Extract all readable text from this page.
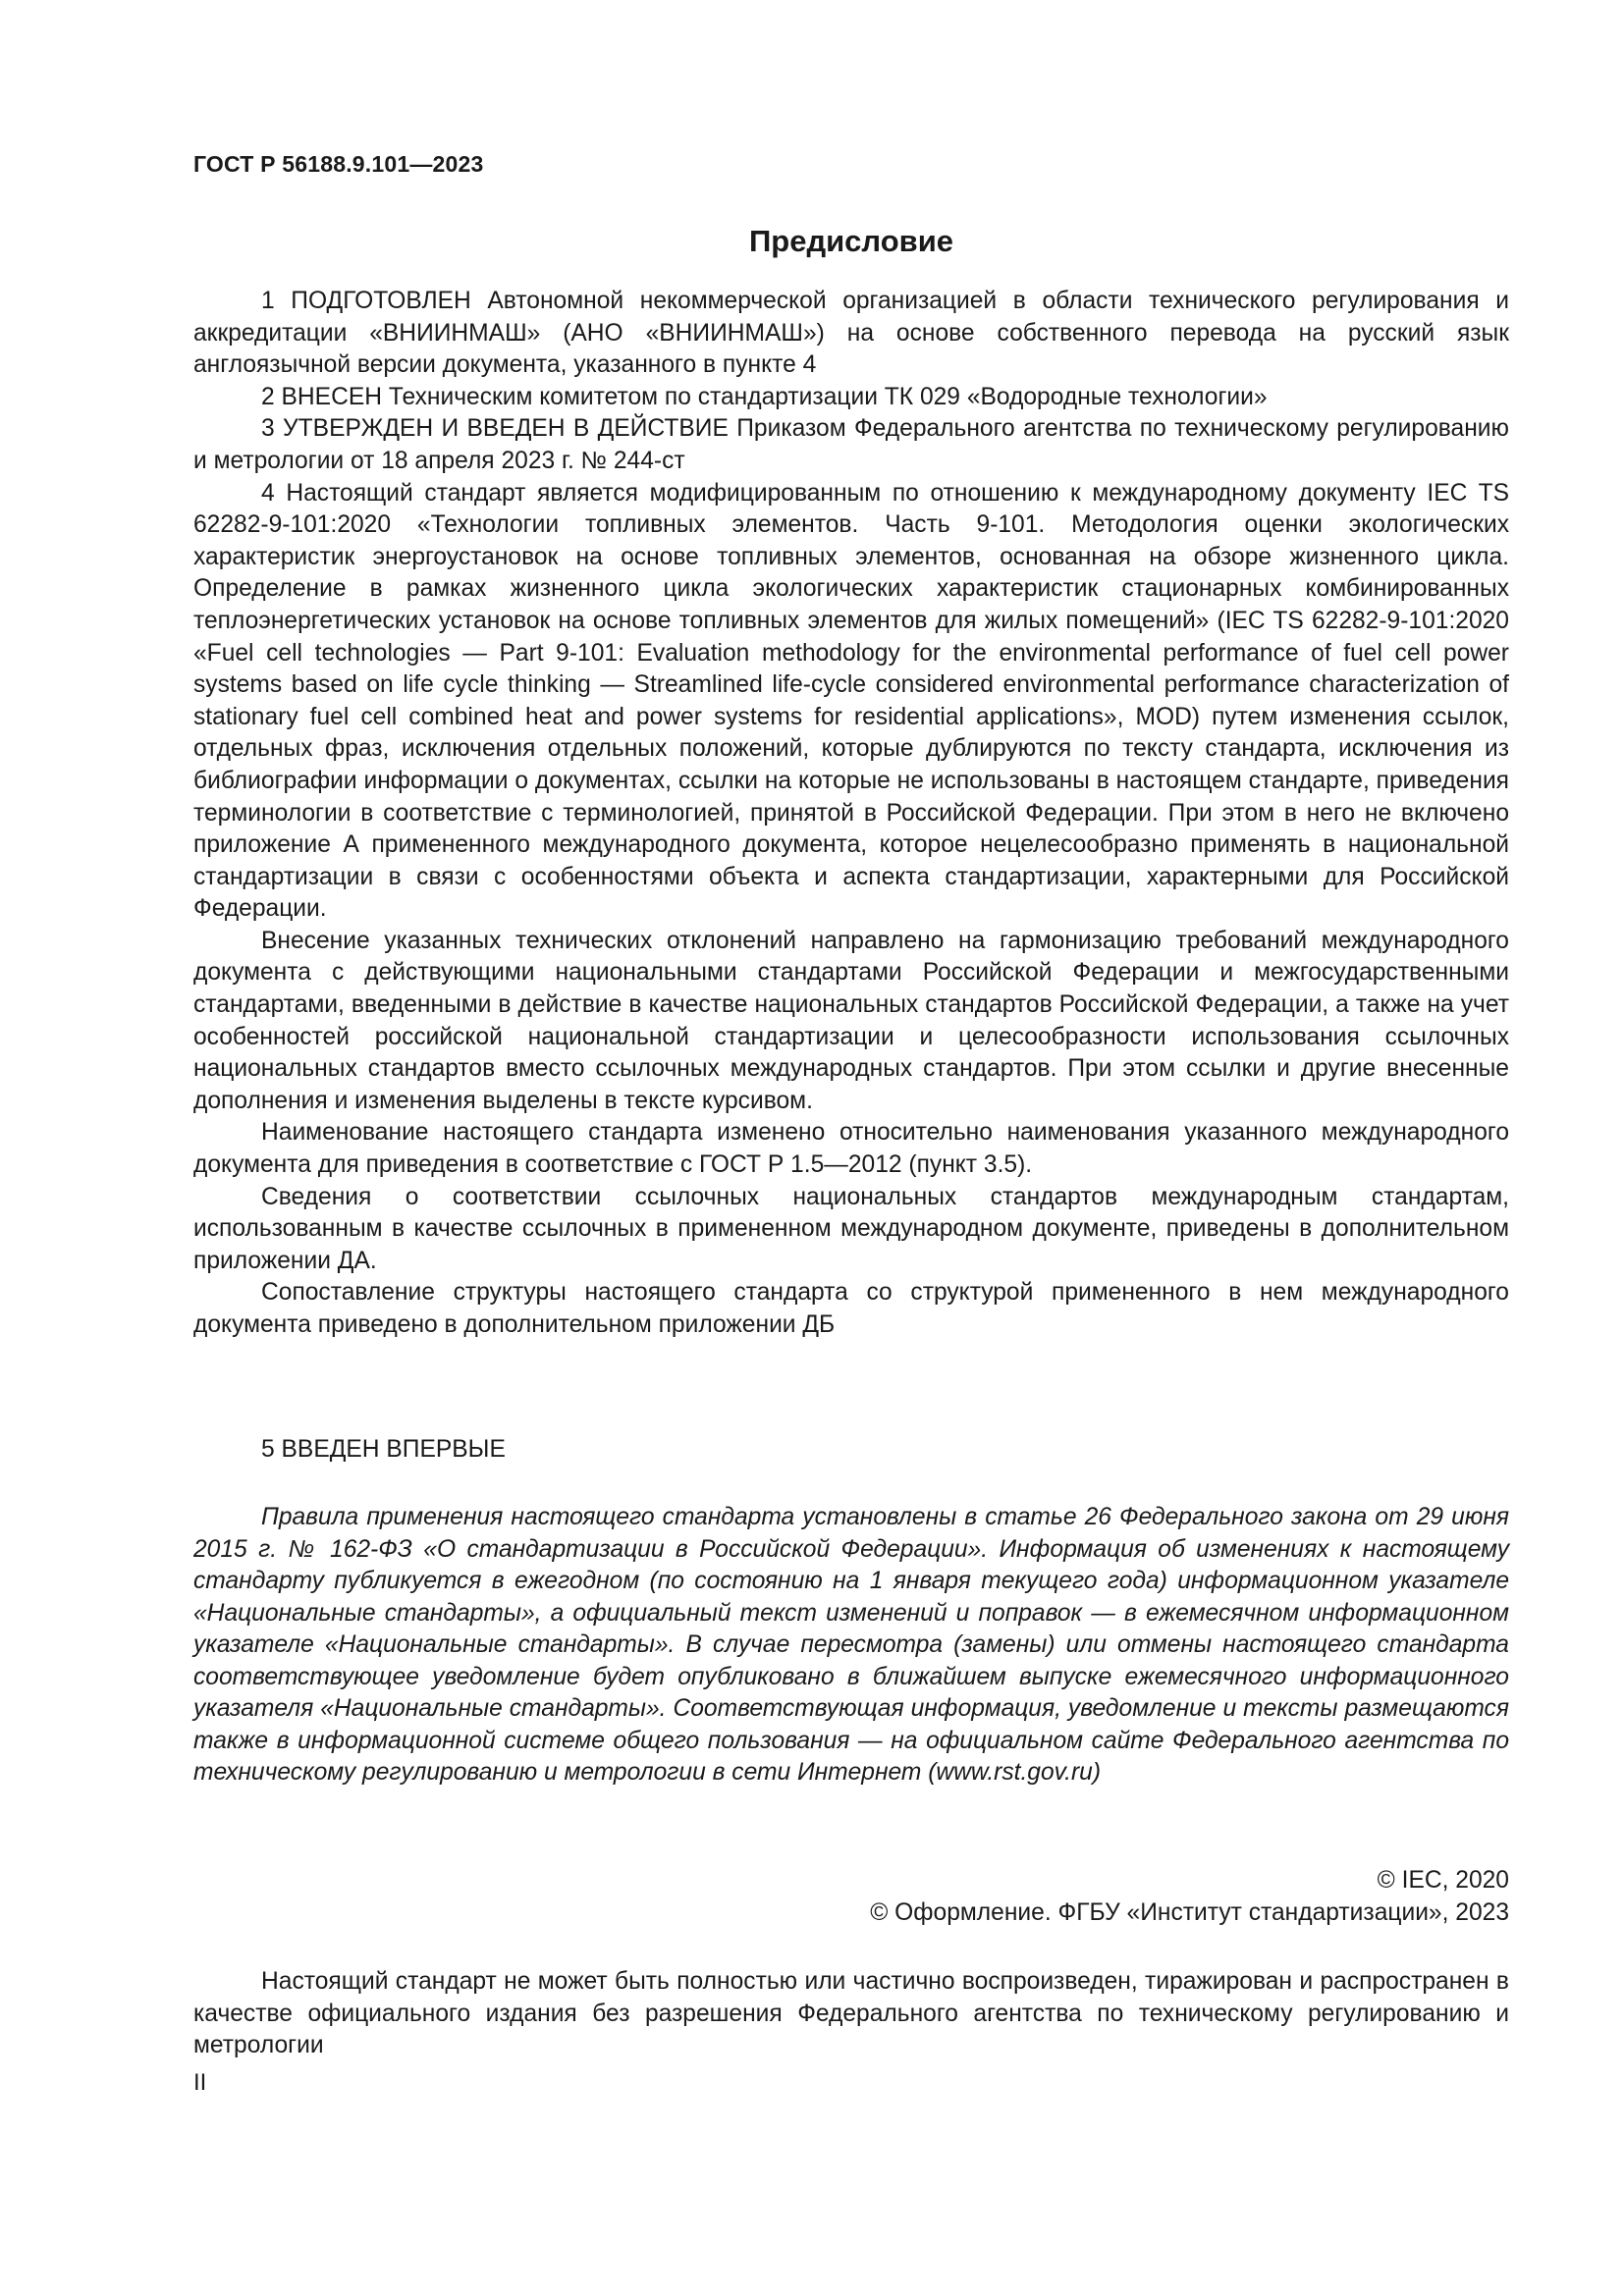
ГОСТ Р 56188.9.101—2023
Предисловие

1 ПОДГОТОВЛЕН Автономной некоммерческой организацией в области технического регулирования и аккредитации «ВНИИНМАШ» (АНО «ВНИИНМАШ») на основе собственного перевода на русский язык англоязычной версии документа, указанного в пункте 4

2 ВНЕСЕН Техническим комитетом по стандартизации ТК 029 «Водородные технологии»

3 УТВЕРЖДЕН И ВВЕДЕН В ДЕЙСТВИЕ Приказом Федерального агентства по техническому регулированию и метрологии от 18 апреля 2023 г. № 244-ст

4 Настоящий стандарт является модифицированным по отношению к международному документу IEC TS 62282-9-101:2020 «Технологии топливных элементов. Часть 9-101. Методология оценки экологических характеристик энергоустановок на основе топливных элементов, основанная на обзоре жизненного цикла. Определение в рамках жизненного цикла экологических характеристик стационарных комбинированных теплоэнергетических установок на основе топливных элементов для жилых помещений» (IEC TS 62282-9-101:2020 «Fuel cell technologies — Part 9-101: Evaluation methodology for the environmental performance of fuel cell power systems based on life cycle thinking — Streamlined life-cycle considered environmental performance characterization of stationary fuel cell combined heat and power systems for residential applications», MOD) путем изменения ссылок, отдельных фраз, исключения отдельных положений, которые дублируются по тексту стандарта, исключения из библиографии информации о документах, ссылки на которые не использованы в настоящем стандарте, приведения терминологии в соответствие с терминологией, принятой в Российской Федерации. При этом в него не включено приложение А примененного международного документа, которое нецелесообразно применять в национальной стандартизации в связи с особенностями объекта и аспекта стандартизации, характерными для Российской Федерации.

Внесение указанных технических отклонений направлено на гармонизацию требований международного документа с действующими национальными стандартами Российской Федерации и межгосударственными стандартами, введенными в действие в качестве национальных стандартов Российской Федерации, а также на учет особенностей российской национальной стандартизации и целесообразности использования ссылочных национальных стандартов вместо ссылочных международных стандартов. При этом ссылки и другие внесенные дополнения и изменения выделены в тексте курсивом.

Наименование настоящего стандарта изменено относительно наименования указанного международного документа для приведения в соответствие с ГОСТ Р 1.5—2012 (пункт 3.5).

Сведения о соответствии ссылочных национальных стандартов международным стандартам, использованным в качестве ссылочных в примененном международном документе, приведены в дополнительном приложении ДА.

Сопоставление структуры настоящего стандарта со структурой примененного в нем международного документа приведено в дополнительном приложении ДБ

5 ВВЕДЕН ВПЕРВЫЕ

Правила применения настоящего стандарта установлены в статье 26 Федерального закона от 29 июня 2015 г. № 162-ФЗ «О стандартизации в Российской Федерации». Информация об изменениях к настоящему стандарту публикуется в ежегодном (по состоянию на 1 января текущего года) информационном указателе «Национальные стандарты», а официальный текст изменений и поправок — в ежемесячном информационном указателе «Национальные стандарты». В случае пересмотра (замены) или отмены настоящего стандарта соответствующее уведомление будет опубликовано в ближайшем выпуске ежемесячного информационного указателя «Национальные стандарты». Соответствующая информация, уведомление и тексты размещаются также в информационной системе общего пользования — на официальном сайте Федерального агентства по техническому регулированию и метрологии в сети Интернет (www.rst.gov.ru)

© IEC, 2020
© Оформление. ФГБУ «Институт стандартизации», 2023

Настоящий стандарт не может быть полностью или частично воспроизведен, тиражирован и распространен в качестве официального издания без разрешения Федерального агентства по техническому регулированию и метрологии

II
